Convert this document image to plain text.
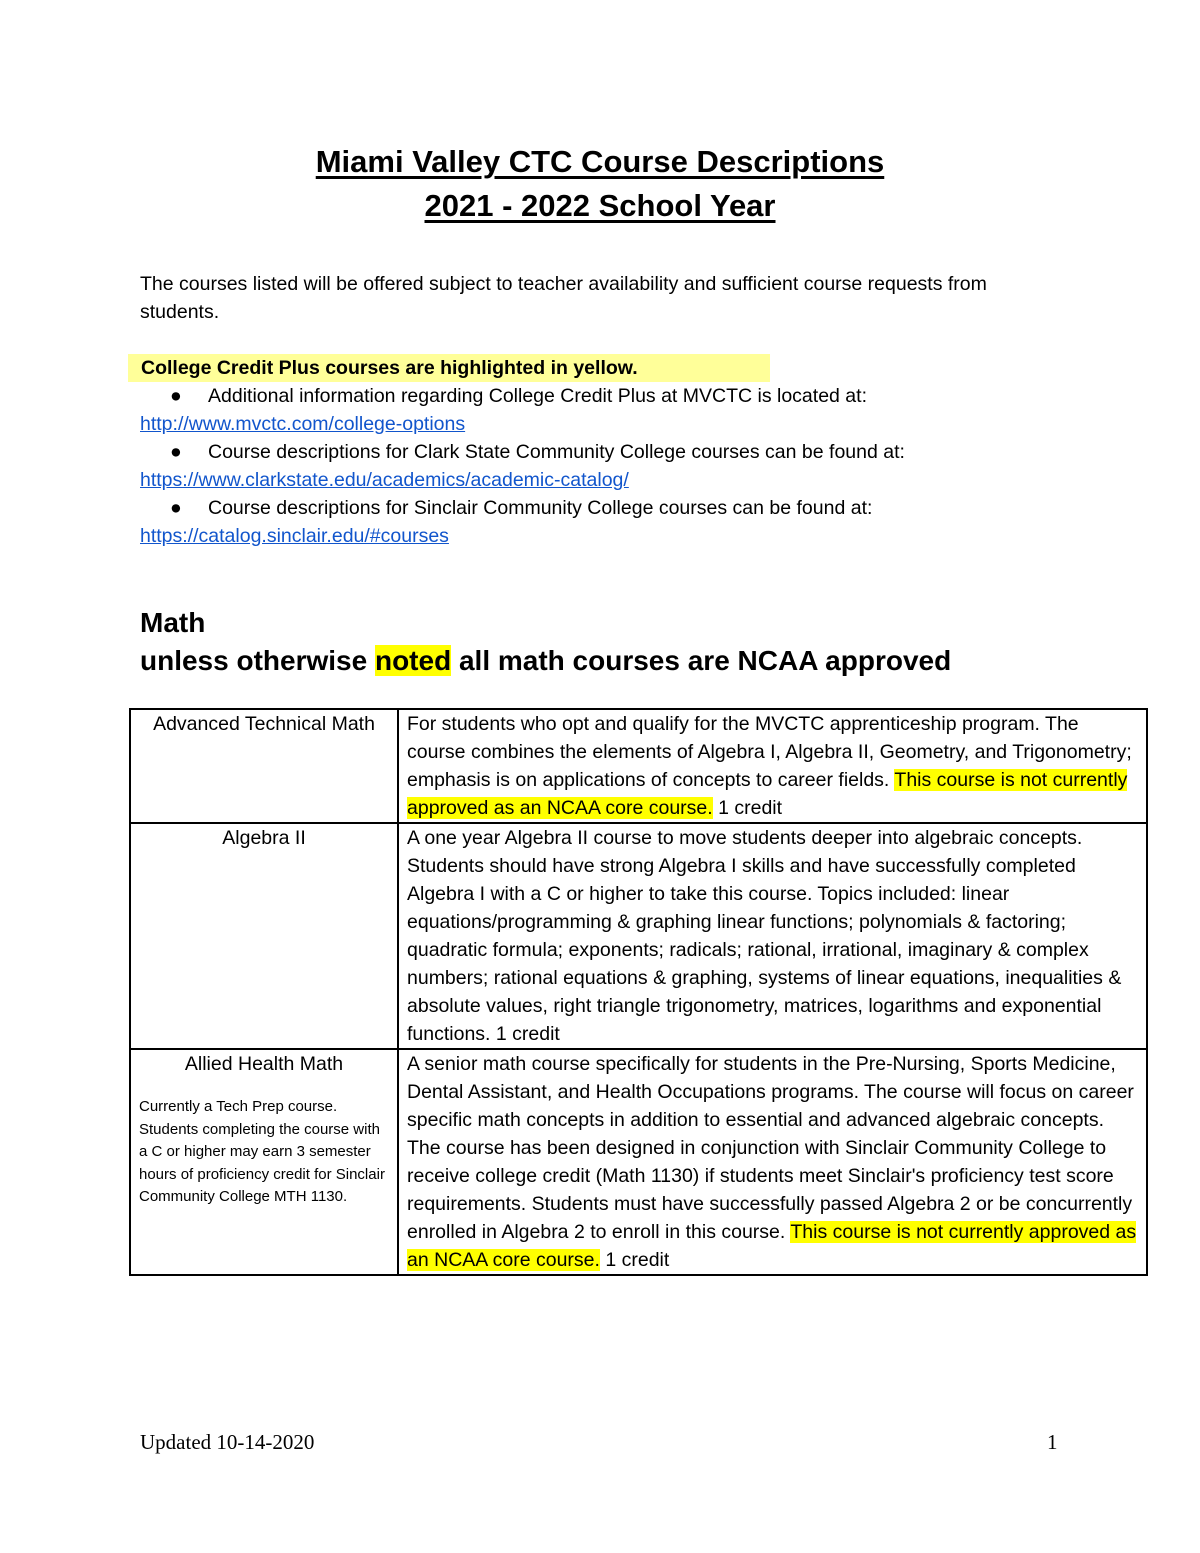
Miami Valley CTC Course Descriptions
2021 - 2022 School Year
The courses listed will be offered subject to teacher availability and sufficient course requests from students.
College Credit Plus courses are highlighted in yellow.
● Additional information regarding College Credit Plus at MVCTC is located at:
http://www.mvctc.com/college-options
● Course descriptions for Clark State Community College courses can be found at:
https://www.clarkstate.edu/academics/academic-catalog/
● Course descriptions for Sinclair Community College courses can be found at:
https://catalog.sinclair.edu/#courses
Math
unless otherwise noted all math courses are NCAA approved
Advanced Technical Math	For students who opt and qualify for the MVCTC apprenticeship program. The course combines the elements of Algebra I, Algebra II, Geometry, and Trigonometry; emphasis is on applications of concepts to career fields. This course is not currently approved as an NCAA core course. 1 credit
Algebra II	A one year Algebra II course to move students deeper into algebraic concepts. Students should have strong Algebra I skills and have successfully completed Algebra I with a C or higher to take this course. Topics included: linear equations/programming & graphing linear functions; polynomials & factoring; quadratic formula; exponents; radicals; rational, irrational, imaginary & complex numbers; rational equations & graphing, systems of linear equations, inequalities & absolute values, right triangle trigonometry, matrices, logarithms and exponential functions. 1 credit
Allied Health Math
Currently a Tech Prep course. Students completing the course with a C or higher may earn 3 semester hours of proficiency credit for Sinclair Community College MTH 1130.	A senior math course specifically for students in the Pre-Nursing, Sports Medicine, Dental Assistant, and Health Occupations programs. The course will focus on career specific math concepts in addition to essential and advanced algebraic concepts. The course has been designed in conjunction with Sinclair Community College to receive college credit (Math 1130) if students meet Sinclair's proficiency test score requirements. Students must have successfully passed Algebra 2 or be concurrently enrolled in Algebra 2 to enroll in this course. This course is not currently approved as an NCAA core course. 1 credit
Updated 10-14-2020	1
